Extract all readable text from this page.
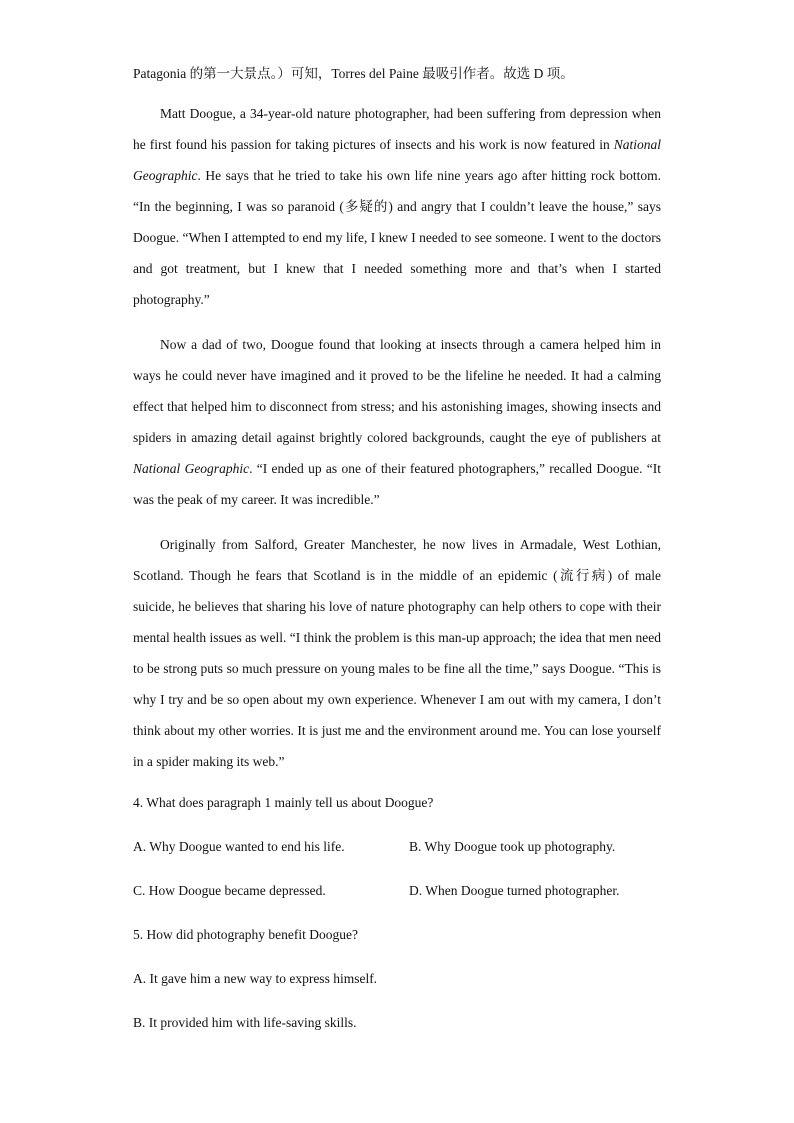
Patagonia 的第一大景点。）可知，Torres del Paine 最吸引作者。故选 D 项。

Matt Doogue, a 34-year-old nature photographer, had been suffering from depression when he first found his passion for taking pictures of insects and his work is now featured in National Geographic. He says that he tried to take his own life nine years ago after hitting rock bottom. “In the beginning, I was so paranoid (多疑的) and angry that I couldn’t leave the house,” says Doogue. “When I attempted to end my life, I knew I needed to see someone. I went to the doctors and got treatment, but I knew that I needed something more and that’s when I started photography.”

Now a dad of two, Doogue found that looking at insects through a camera helped him in ways he could never have imagined and it proved to be the lifeline he needed. It had a calming effect that helped him to disconnect from stress; and his astonishing images, showing insects and spiders in amazing detail against brightly colored backgrounds, caught the eye of publishers at National Geographic. “I ended up as one of their featured photographers,” recalled Doogue. “It was the peak of my career. It was incredible.”

Originally from Salford, Greater Manchester, he now lives in Armadale, West Lothian, Scotland. Though he fears that Scotland is in the middle of an epidemic (流行病) of male suicide, he believes that sharing his love of nature photography can help others to cope with their mental health issues as well. “I think the problem is this man-up approach; the idea that men need to be strong puts so much pressure on young males to be fine all the time,” says Doogue. “This is why I try and be so open about my own experience. Whenever I am out with my camera, I don’t think about my other worries. It is just me and the environment around me. You can lose yourself in a spider making its web.”

4. What does paragraph 1 mainly tell us about Doogue?

A. Why Doogue wanted to end his life.	B. Why Doogue took up photography.
C. How Doogue became depressed.	D. When Doogue turned photographer.

5. How did photography benefit Doogue?

A. It gave him a new way to express himself.

B. It provided him with life-saving skills.
